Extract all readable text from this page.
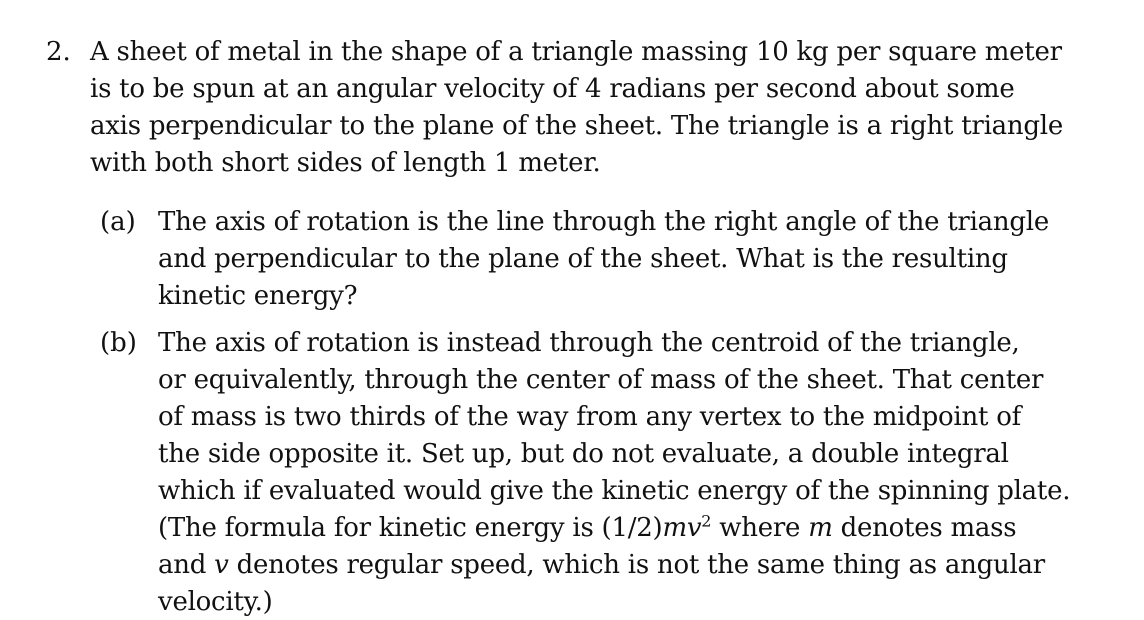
2. A sheet of metal in the shape of a triangle massing 10 kg per square meter
is to be spun at an angular velocity of 4 radians per second about some
axis perpendicular to the plane of the sheet. The triangle is a right triangle
with both short sides of length 1 meter.
(a) The axis of rotation is the line through the right angle of the triangle
and perpendicular to the plane of the sheet. What is the resulting
kinetic energy?
(b) The axis of rotation is instead through the centroid of the triangle,
or equivalently, through the center of mass of the sheet. That center
of mass is two thirds of the way from any vertex to the midpoint of
the side opposite it. Set up, but do not evaluate, a double integral
which if evaluated would give the kinetic energy of the spinning plate.
(The formula for kinetic energy is $(1/2)mv^2$ where m denotes mass
and v denotes regular speed, which is not the same thing as angular
velocity.)
